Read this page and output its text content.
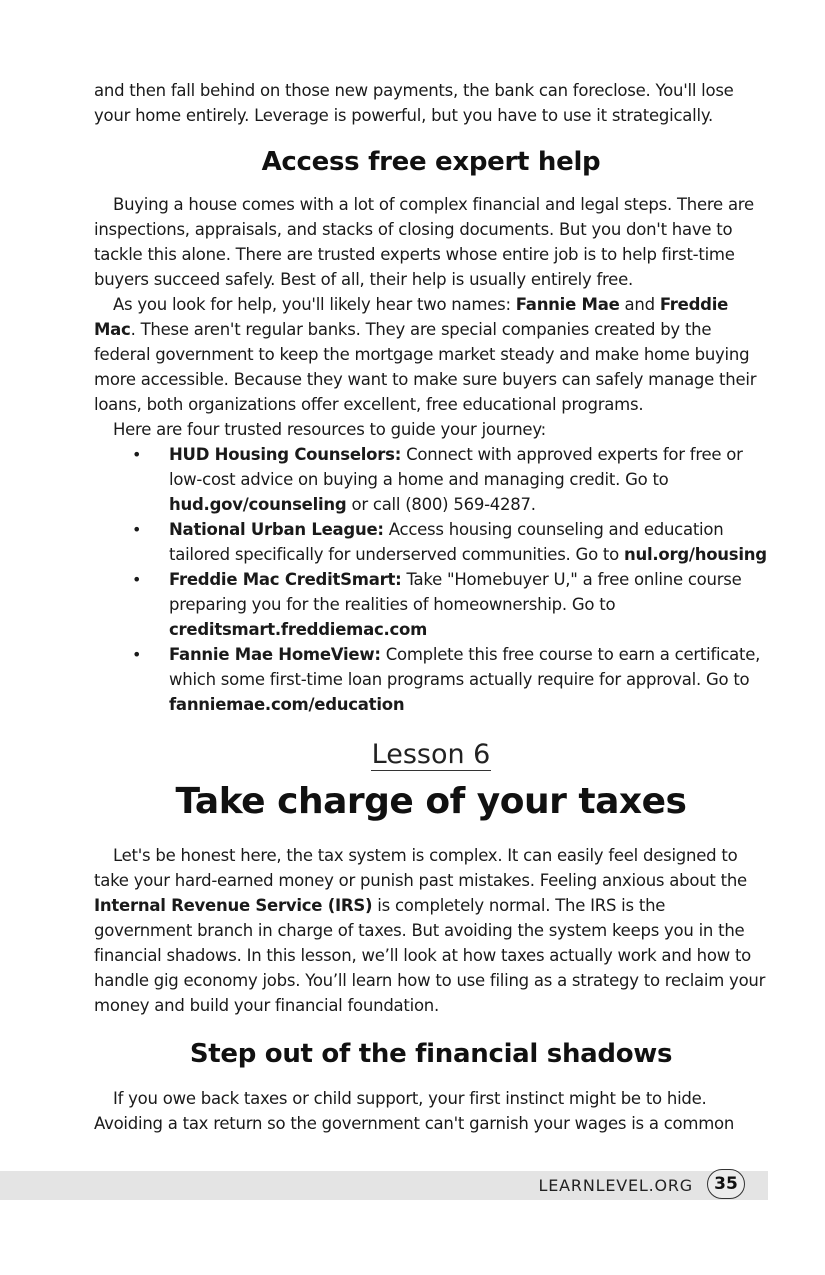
and then fall behind on those new payments, the bank can foreclose. You'll lose your home entirely. Leverage is powerful, but you have to use it strategically.

Access free expert help

Buying a house comes with a lot of complex financial and legal steps. There are inspections, appraisals, and stacks of closing documents. But you don't have to tackle this alone. There are trusted experts whose entire job is to help first-time buyers succeed safely. Best of all, their help is usually entirely free.

As you look for help, you'll likely hear two names: Fannie Mae and Freddie Mac. These aren't regular banks. They are special companies created by the federal government to keep the mortgage market steady and make home buying more accessible. Because they want to make sure buyers can safely manage their loans, both organizations offer excellent, free educational programs.

Here are four trusted resources to guide your journey:

• HUD Housing Counselors: Connect with approved experts for free or low-cost advice on buying a home and managing credit. Go to hud.gov/counseling or call (800) 569-4287.
• National Urban League: Access housing counseling and education tailored specifically for underserved communities. Go to nul.org/housing
• Freddie Mac CreditSmart: Take "Homebuyer U," a free online course preparing you for the realities of homeownership. Go to creditsmart.freddiemac.com
• Fannie Mae HomeView: Complete this free course to earn a certificate, which some first-time loan programs actually require for approval. Go to fanniemae.com/education
Lesson 6
Take charge of your taxes

Let's be honest here, the tax system is complex. It can easily feel designed to take your hard-earned money or punish past mistakes. Feeling anxious about the Internal Revenue Service (IRS) is completely normal. The IRS is the government branch in charge of taxes. But avoiding the system keeps you in the financial shadows. In this lesson, we’ll look at how taxes actually work and how to handle gig economy jobs. You’ll learn how to use filing as a strategy to reclaim your money and build your financial foundation.

Step out of the financial shadows

If you owe back taxes or child support, your first instinct might be to hide. Avoiding a tax return so the government can't garnish your wages is a common

LEARNLEVEL.ORG	35
